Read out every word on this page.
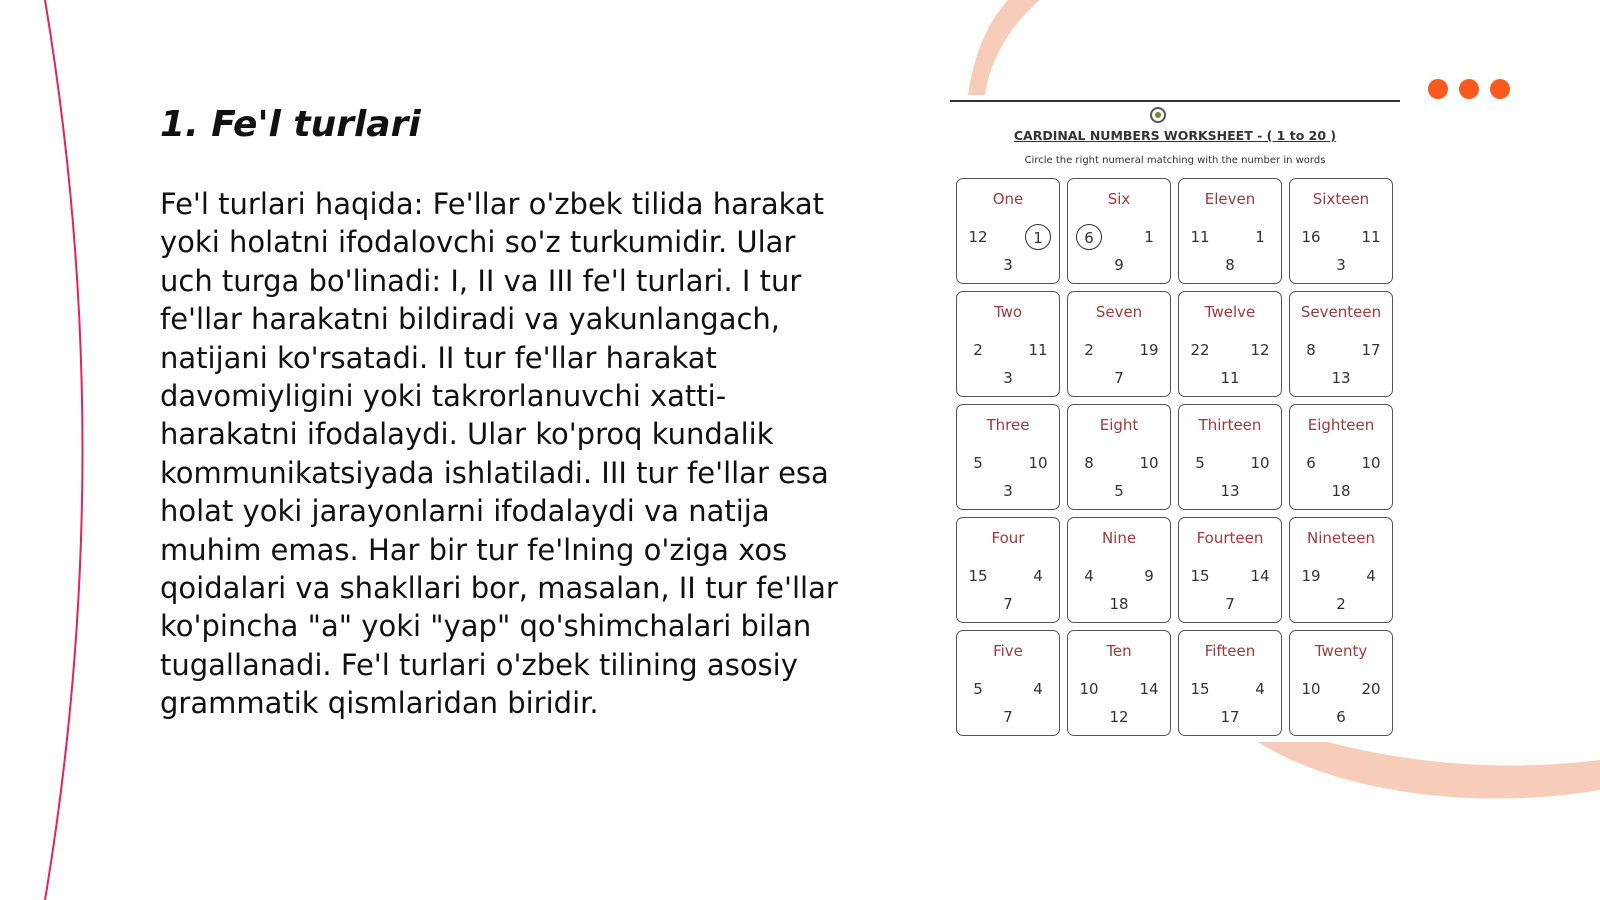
1. Fe'l turlari

Fe'l turlari haqida: Fe'llar o'zbek tilida harakat yoki holatni ifodalovchi so'z turkumidir. Ular uch turga bo'linadi: I, II va III fe'l turlari. I tur fe'llar harakatni bildiradi va yakunlangach, natijani ko'rsatadi. II tur fe'llar harakat davomiyligini yoki takrorlanuvchi xatti-harakatni ifodalaydi. Ular ko'proq kundalik kommunikatsiyada ishlatiladi. III tur fe'llar esa holat yoki jarayonlarni ifodalaydi va natija muhim emas. Har bir tur fe'lning o'ziga xos qoidalari va shakllari bor, masalan, II tur fe'llar ko'pincha "a" yoki "yap" qo'shimchalari bilan tugallanadi. Fe'l turlari o'zbek tilining asosiy grammatik qismlaridan biridir.

CARDINAL NUMBERS WORKSHEET - ( 1 to 20 )
Circle the right numeral matching with the number in words
One
12	1
3
Six
6	1
9
Eleven
11	1
8
Sixteen
16	11
3
Two
2	11
3
Seven
2	19
7
Twelve
22	12
11
Seventeen
8	17
13
Three
5	10
3
Eight
8	10
5
Thirteen
5	10
13
Eighteen
6	10
18
Four
15	4
7
Nine
4	9
18
Fourteen
15	14
7
Nineteen
19	4
2
Five
5	4
7
Ten
10	14
12
Fifteen
15	4
17
Twenty
10	20
6
